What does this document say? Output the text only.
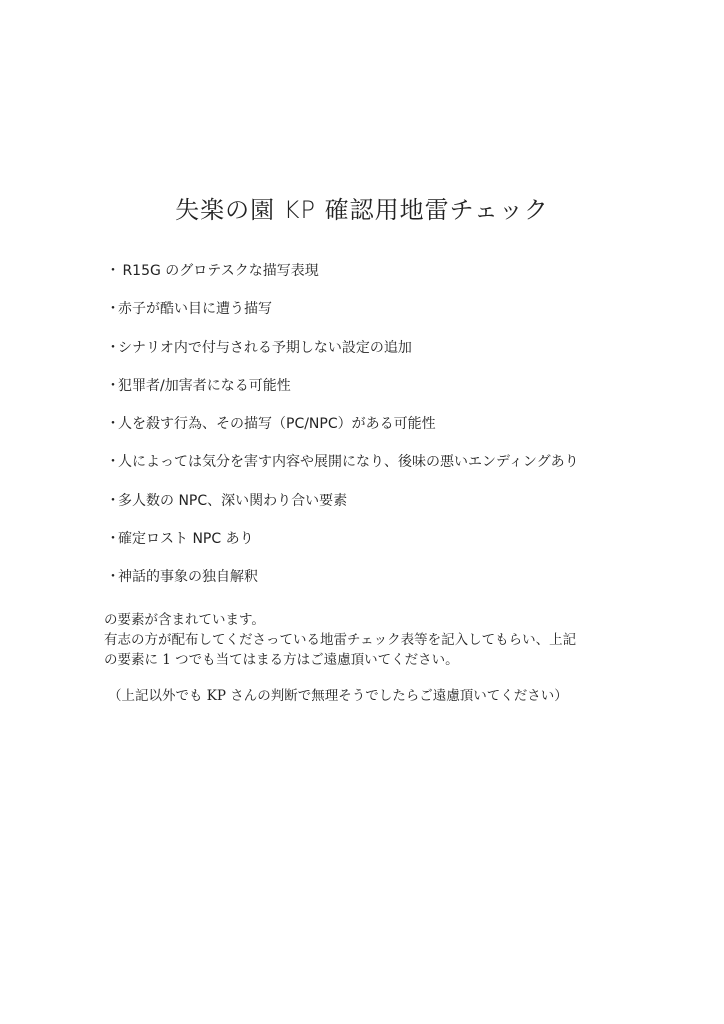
失楽の園 KP 確認用地雷チェック
・ R15G のグロテスクな描写表現
・赤子が酷い目に遭う描写
・シナリオ内で付与される予期しない設定の追加
・犯罪者/加害者になる可能性
・人を殺す行為、その描写（PC/NPC）がある可能性
・人によっては気分を害す内容や展開になり、後味の悪いエンディングあり
・多人数の NPC、深い関わり合い要素
・確定ロスト NPC あり
・神話的事象の独自解釈

の要素が含まれています。

有志の方が配布してくださっている地雷チェック表等を記入してもらい、上記

の要素に 1 つでも当てはまる方はご遠慮頂いてください。

（上記以外でも KP さんの判断で無理そうでしたらご遠慮頂いてください）
